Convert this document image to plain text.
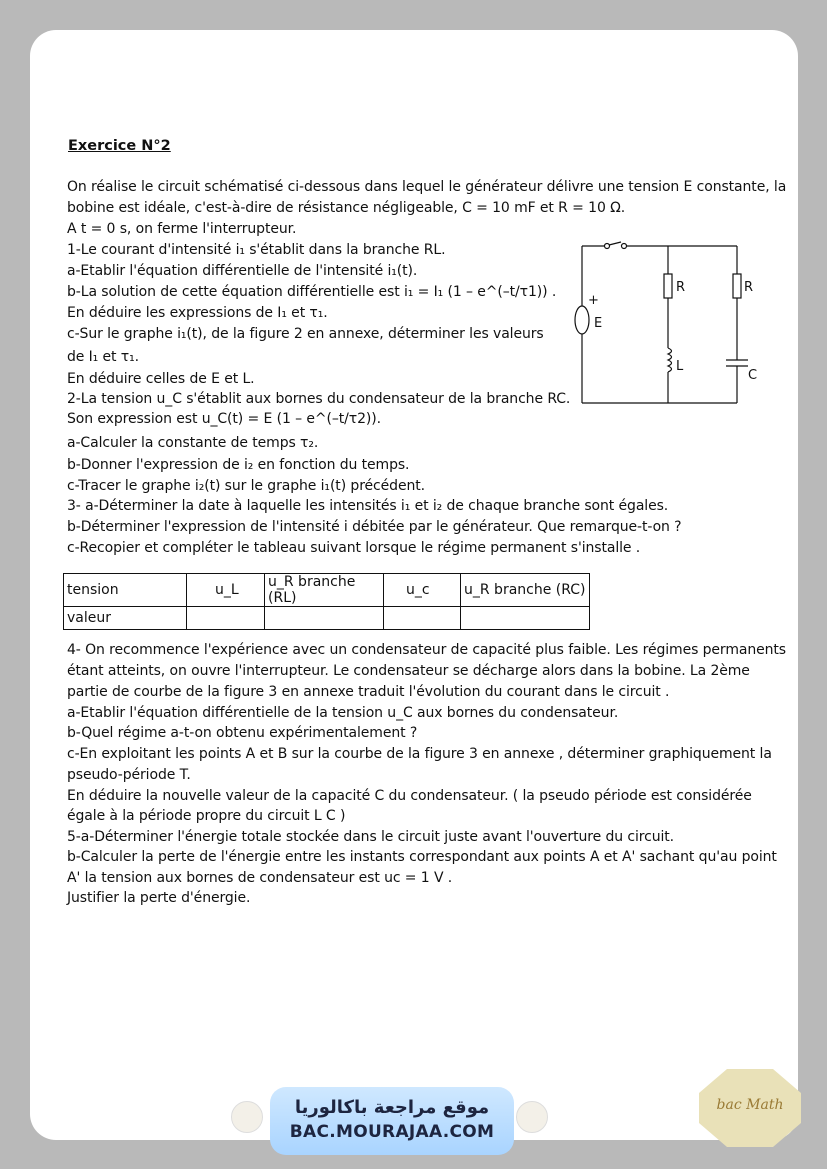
Exercice N°2
On réalise le circuit schématisé ci-dessous dans lequel le générateur délivre une tension E constante, la
bobine est idéale, c'est-à-dire de résistance négligeable, C = 10 mF et R = 10 Ω.
A t = 0 s, on ferme l'interrupteur.
1-Le courant d'intensité i₁ s'établit dans la branche RL.
a-Etablir l'équation différentielle de l'intensité i₁(t).
b-La solution de cette équation différentielle est i₁ = I₁ (1 – e^(–t/τ1)) .
En déduire les expressions de I₁ et τ₁.
c-Sur le graphe i₁(t), de la figure 2 en annexe, déterminer les valeurs
de I₁ et τ₁.
En déduire celles de E et L.
2-La tension u_C s'établit aux bornes du condensateur de la branche RC.
Son expression est u_C(t) = E (1 – e^(–t/τ2)).
a-Calculer la constante de temps τ₂.
b-Donner l'expression de i₂ en fonction du temps.
c-Tracer le graphe i₂(t) sur le graphe i₁(t) précédent.
3- a-Déterminer la date à laquelle les intensités i₁ et i₂ de chaque branche sont égales.
b-Déterminer l'expression de l'intensité i débitée par le générateur. Que remarque-t-on ?
c-Recopier et compléter le tableau suivant lorsque le régime permanent s'installe .
+
E
R	R
L
C
tension	u_L	u_R branche (RL)	u_c	u_R branche (RC)
valeur				
4- On recommence l'expérience avec un condensateur de capacité plus faible. Les régimes permanents
étant atteints, on ouvre l'interrupteur. Le condensateur se décharge alors dans la bobine. La 2ème
partie de courbe de la figure 3 en annexe traduit l'évolution du courant dans le circuit .
a-Etablir l'équation différentielle de la tension u_C aux bornes du condensateur.
b-Quel régime a-t-on obtenu expérimentalement ?
c-En exploitant les points A et B sur la courbe de la figure 3 en annexe , déterminer graphiquement la
pseudo-période T.
En déduire la nouvelle valeur de la capacité C du condensateur. ( la pseudo période est considérée
égale à la période propre du circuit L C )
5-a-Déterminer l'énergie totale stockée dans le circuit juste avant l'ouverture du circuit.
b-Calculer la perte de l'énergie entre les instants correspondant aux points A et A' sachant qu'au point
A' la tension aux bornes de condensateur est uc = 1 V .
Justifier la perte d'énergie.
موقع مراجعة باكالوريا
BAC.MOURAJAA.COM
bac Math
